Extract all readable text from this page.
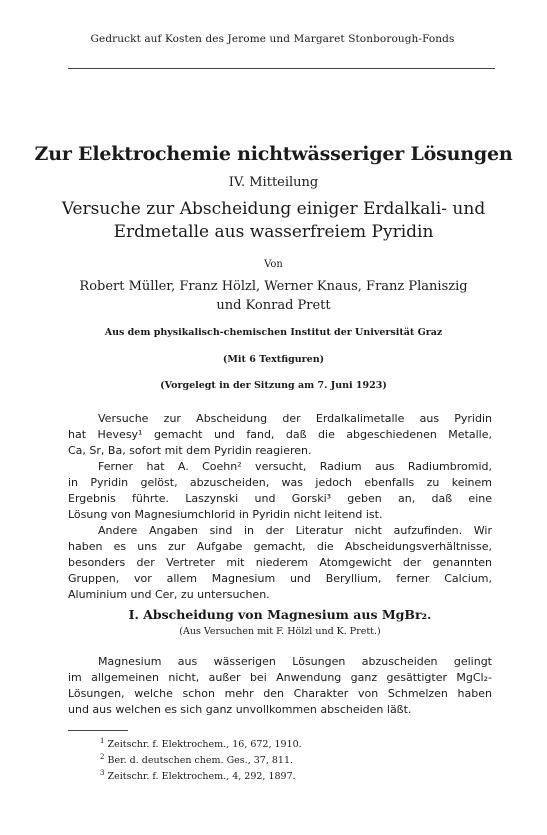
Gedruckt auf Kosten des Jerome und Margaret Stonborough-Fonds
Zur Elektrochemie nichtwässeriger Lösungen
IV. Mitteilung
Versuche zur Abscheidung einiger Erdalkali- und
Erdmetalle aus wasserfreiem Pyridin
Von
Robert Müller, Franz Hölzl, Werner Knaus, Franz Planiszig
und Konrad Prett
Aus dem physikalisch-chemischen Institut der Universität Graz
(Mit 6 Textfiguren)
(Vorgelegt in der Sitzung am 7. Juni 1923)
Versuche zur Abscheidung der Erdalkalimetalle aus Pyridin
hat Hevesy¹ gemacht und fand, daß die abgeschiedenen Metalle,
Ca, Sr, Ba, sofort mit dem Pyridin reagieren.
Ferner hat A. Coehn² versucht, Radium aus Radiumbromid,
in Pyridin gelöst, abzuscheiden, was jedoch ebenfalls zu keinem
Ergebnis führte. Laszynski und Gorski³ geben an, daß eine
Lösung von Magnesiumchlorid in Pyridin nicht leitend ist.
Andere Angaben sind in der Literatur nicht aufzufinden. Wir
haben es uns zur Aufgabe gemacht, die Abscheidungsverhältnisse,
besonders der Vertreter mit niederem Atomgewicht der genannten
Gruppen, vor allem Magnesium und Beryllium, ferner Calcium,
Aluminium und Cer, zu untersuchen.
I. Abscheidung von Magnesium aus MgBr₂.
(Aus Versuchen mit F. Hölzl und K. Prett.)
Magnesium aus wässerigen Lösungen abzuscheiden gelingt
im allgemeinen nicht, außer bei Anwendung ganz gesättigter MgCl₂-
Lösungen, welche schon mehr den Charakter von Schmelzen haben
und aus welchen es sich ganz unvollkommen abscheiden läßt.
$^1$ Zeitschr. f. Elektrochem., 16, 672, 1910.
$^2$ Ber. d. deutschen chem. Ges., 37, 811.
$^3$ Zeitschr. f. Elektrochem., 4, 292, 1897.
